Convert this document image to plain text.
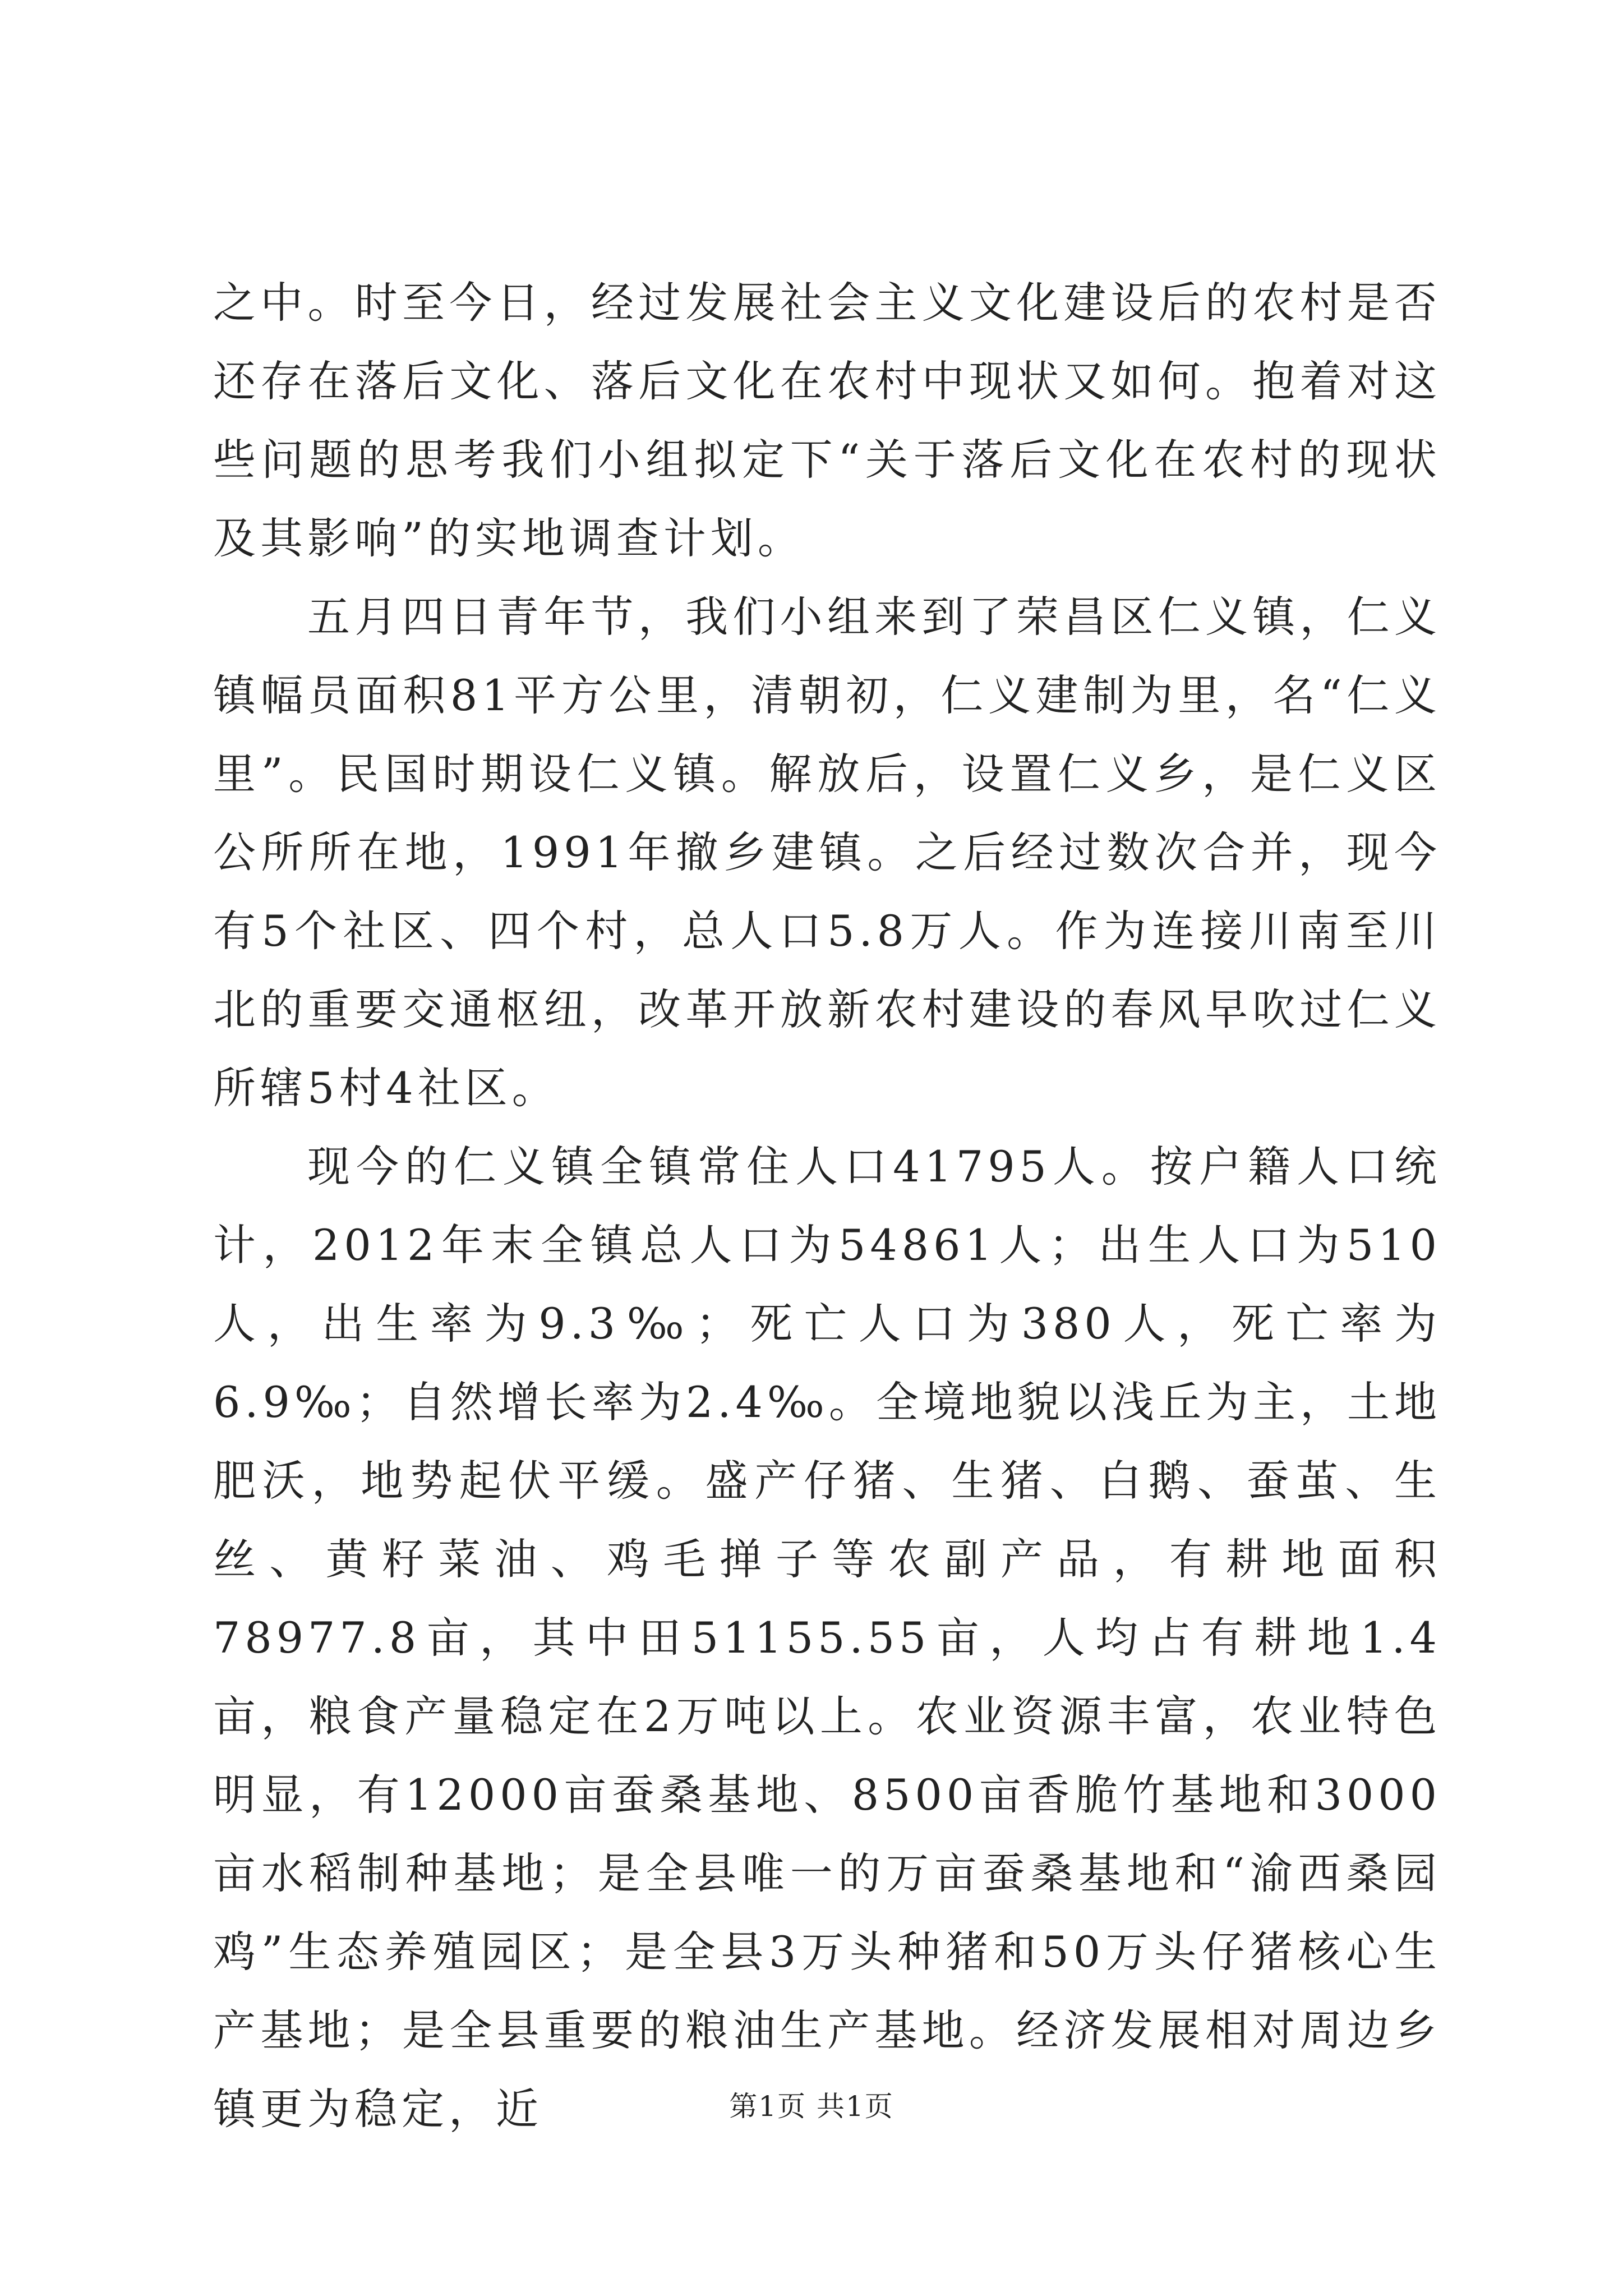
之中。时至今日，经过发展社会主义文化建设后的农村是否还存在落后文化、落后文化在农村中现状又如何。抱着对这些问题的思考我们小组拟定下“关于落后文化在农村的现状及其影响”的实地调查计划。

五月四日青年节，我们小组来到了荣昌区仁义镇，仁义镇幅员面积81平方公里，清朝初，仁义建制为里，名“仁义里”。民国时期设仁义镇。解放后，设置仁义乡，是仁义区公所所在地，1991年撤乡建镇。之后经过数次合并，现今有5个社区、四个村，总人口5.8万人。作为连接川南至川北的重要交通枢纽，改革开放新农村建设的春风早吹过仁义所辖5村4社区。

现今的仁义镇全镇常住人口41795人。按户籍人口统计，2012年末全镇总人口为54861人；出生人口为510人，出生率为9.3‰；死亡人口为380人，死亡率为6.9‰；自然增长率为2.4‰。全境地貌以浅丘为主，土地肥沃，地势起伏平缓。盛产仔猪、生猪、白鹅、蚕茧、生丝、黄籽菜油、鸡毛掸子等农副产品，有耕地面积78977.8亩，其中田51155.55亩，人均占有耕地1.4亩，粮食产量稳定在2万吨以上。农业资源丰富，农业特色明显，有12000亩蚕桑基地、8500亩香脆竹基地和3000亩水稻制种基地；是全县唯一的万亩蚕桑基地和“渝西桑园鸡”生态养殖园区；是全县3万头种猪和50万头仔猪核心生产基地；是全县重要的粮油生产基地。经济发展相对周边乡镇更为稳定，近	第1页 共1页
